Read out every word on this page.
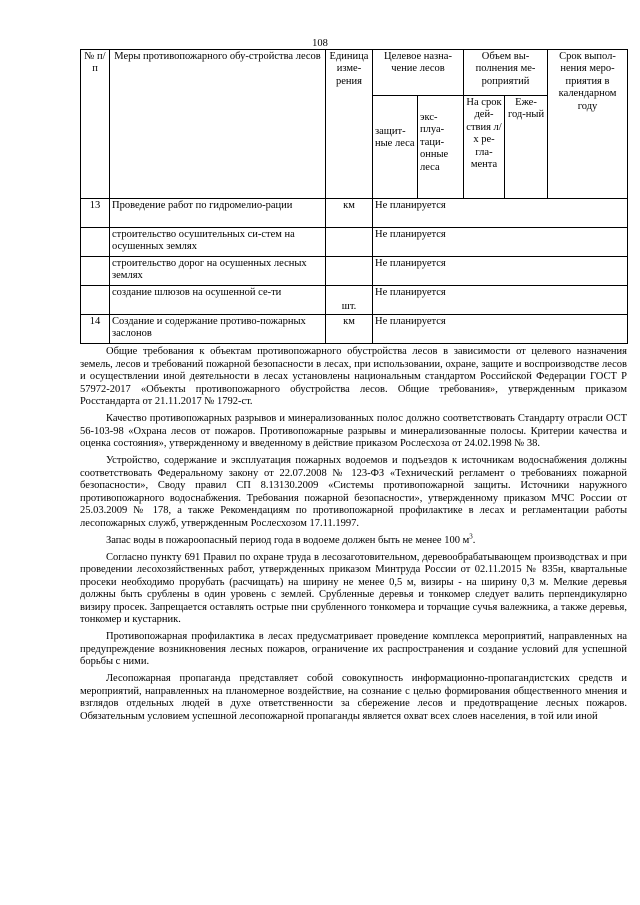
108
№ п/п	Меры противопожарного обу-стройства лесов	Единица изме-рения	Целевое назна-чение лесов		Объем вы-полнения ме-роприятий		Срок выпол-нения меро-приятия в календарном году
			защит-ные леса	экс-плуа-таци-онные леса	На срок дей-ствия л/х ре-гла-мента	Еже-год-ный	

13	Проведение работ по гидромелио-рации	км	Не планируется				
	строительство осушительных си-стем на осушенных землях		Не планируется				
	строительство дорог на осушенных лесных землях		Не планируется				
	создание шлюзов на осушенной се-ти	шт.	Не планируется				
14	Создание и содержание противо-пожарных заслонов	км	Не планируется				

Общие требования к объектам противопожарного обустройства лесов в зависимости от целевого назначения земель, лесов и требований пожарной безопасности в лесах, при использовании, охране, защите и воспроизводстве лесов и осуществлении иной деятельности в лесах установлены национальным стандартом Российской Федерации ГОСТ Р 57972-2017 «Объекты противопожарного обустройства лесов. Общие требования», утвержденным приказом Росстандарта от 21.11.2017 № 1792-ст.

Качество противопожарных разрывов и минерализованных полос должно соответствовать Стандарту отрасли ОСТ 56-103-98 «Охрана лесов от пожаров. Противопожарные разрывы и минерализованные полосы. Критерии качества и оценка состояния», утвержденному и введенному в действие приказом Рослесхоза от 24.02.1998 № 38.

Устройство, содержание и эксплуатация пожарных водоемов и подъездов к источникам водоснабжения должны соответствовать Федеральному закону от 22.07.2008 № 123-ФЗ «Технический регламент о требованиях пожарной безопасности», Своду правил СП 8.13130.2009 «Системы противопожарной защиты. Источники наружного противопожарного водоснабжения. Требования пожарной безопасности», утвержденному приказом МЧС России от 25.03.2009 № 178, а также Рекомендациям по противопожарной профилактике в лесах и регламентации работы лесопожарных служб, утвержденным Рослесхозом 17.11.1997.

Запас воды в пожароопасный период года в водоеме должен быть не менее 100 $м^3$.

Согласно пункту 691 Правил по охране труда в лесозаготовительном, деревообрабатывающем производствах и при проведении лесохозяйственных работ, утвержденных приказом Минтруда России от 02.11.2015 № 835н, квартальные просеки необходимо прорубать (расчищать) на ширину не менее 0,5 м, визиры - на ширину 0,3 м. Мелкие деревья должны быть срублены в один уровень с землей. Срубленные деревья и тонкомер следует валить перпендикулярно визиру просек. Запрещается оставлять острые пни срубленного тонкомера и торчащие сучья валежника, а также деревья, тонкомер и кустарник.

Противопожарная профилактика в лесах предусматривает проведение комплекса мероприятий, направленных на предупреждение возникновения лесных пожаров, ограничение их распространения и создание условий для успешной борьбы с ними.

Лесопожарная пропаганда представляет собой совокупность информационно-пропагандистских средств и мероприятий, направленных на планомерное воздействие, на сознание с целью формирования общественного мнения и взглядов отдельных людей в духе ответственности за сбережение лесов и предотвращение лесных пожаров. Обязательным условием успешной лесопожарной пропаганды является охват всех слоев населения, в той или иной
